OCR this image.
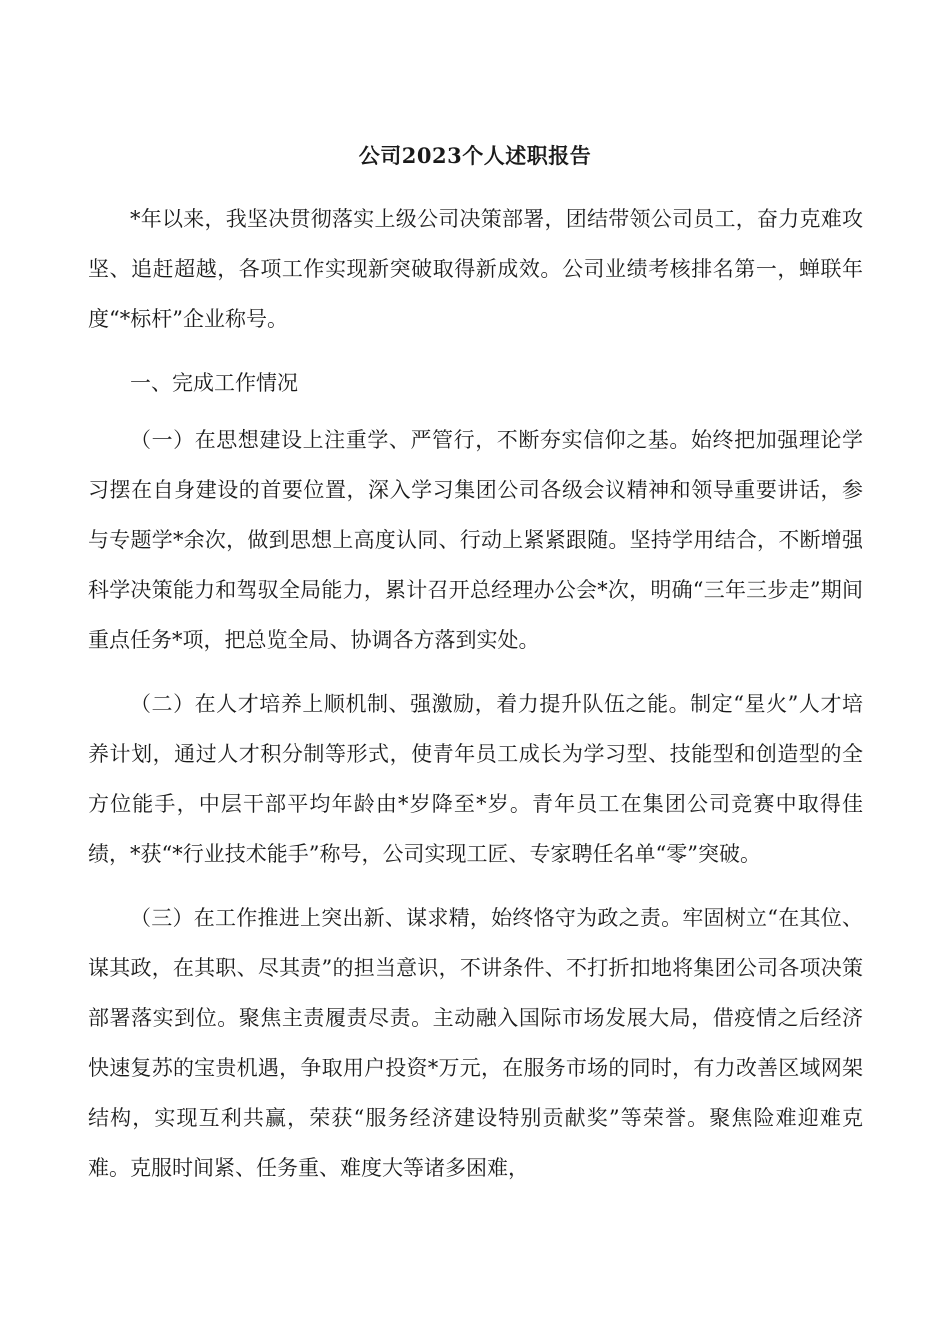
公司2023个人述职报告

*年以来，我坚决贯彻落实上级公司决策部署，团结带领公司员工，奋力克难攻坚、追赶超越，各项工作实现新突破取得新成效。公司业绩考核排名第一，蝉联年度“*标杆”企业称号。

一、完成工作情况

（一）在思想建设上注重学、严管行，不断夯实信仰之基。始终把加强理论学习摆在自身建设的首要位置，深入学习集团公司各级会议精神和领导重要讲话，参与专题学*余次，做到思想上高度认同、行动上紧紧跟随。坚持学用结合，不断增强科学决策能力和驾驭全局能力，累计召开总经理办公会*次，明确“三年三步走”期间重点任务*项，把总览全局、协调各方落到实处。

（二）在人才培养上顺机制、强激励，着力提升队伍之能。制定“星火”人才培养计划，通过人才积分制等形式，使青年员工成长为学习型、技能型和创造型的全方位能手，中层干部平均年龄由*岁降至*岁。青年员工在集团公司竞赛中取得佳绩，*获“*行业技术能手”称号，公司实现工匠、专家聘任名单“零”突破。

（三）在工作推进上突出新、谋求精，始终恪守为政之责。牢固树立“在其位、谋其政，在其职、尽其责”的担当意识，不讲条件、不打折扣地将集团公司各项决策部署落实到位。聚焦主责履责尽责。主动融入国际市场发展大局，借疫情之后经济快速复苏的宝贵机遇，争取用户投资*万元，在服务市场的同时，有力改善区域网架结构，实现互利共赢，荣获“服务经济建设特别贡献奖”等荣誉。聚焦险难迎难克难。克服时间紧、任务重、难度大等诸多困难，
